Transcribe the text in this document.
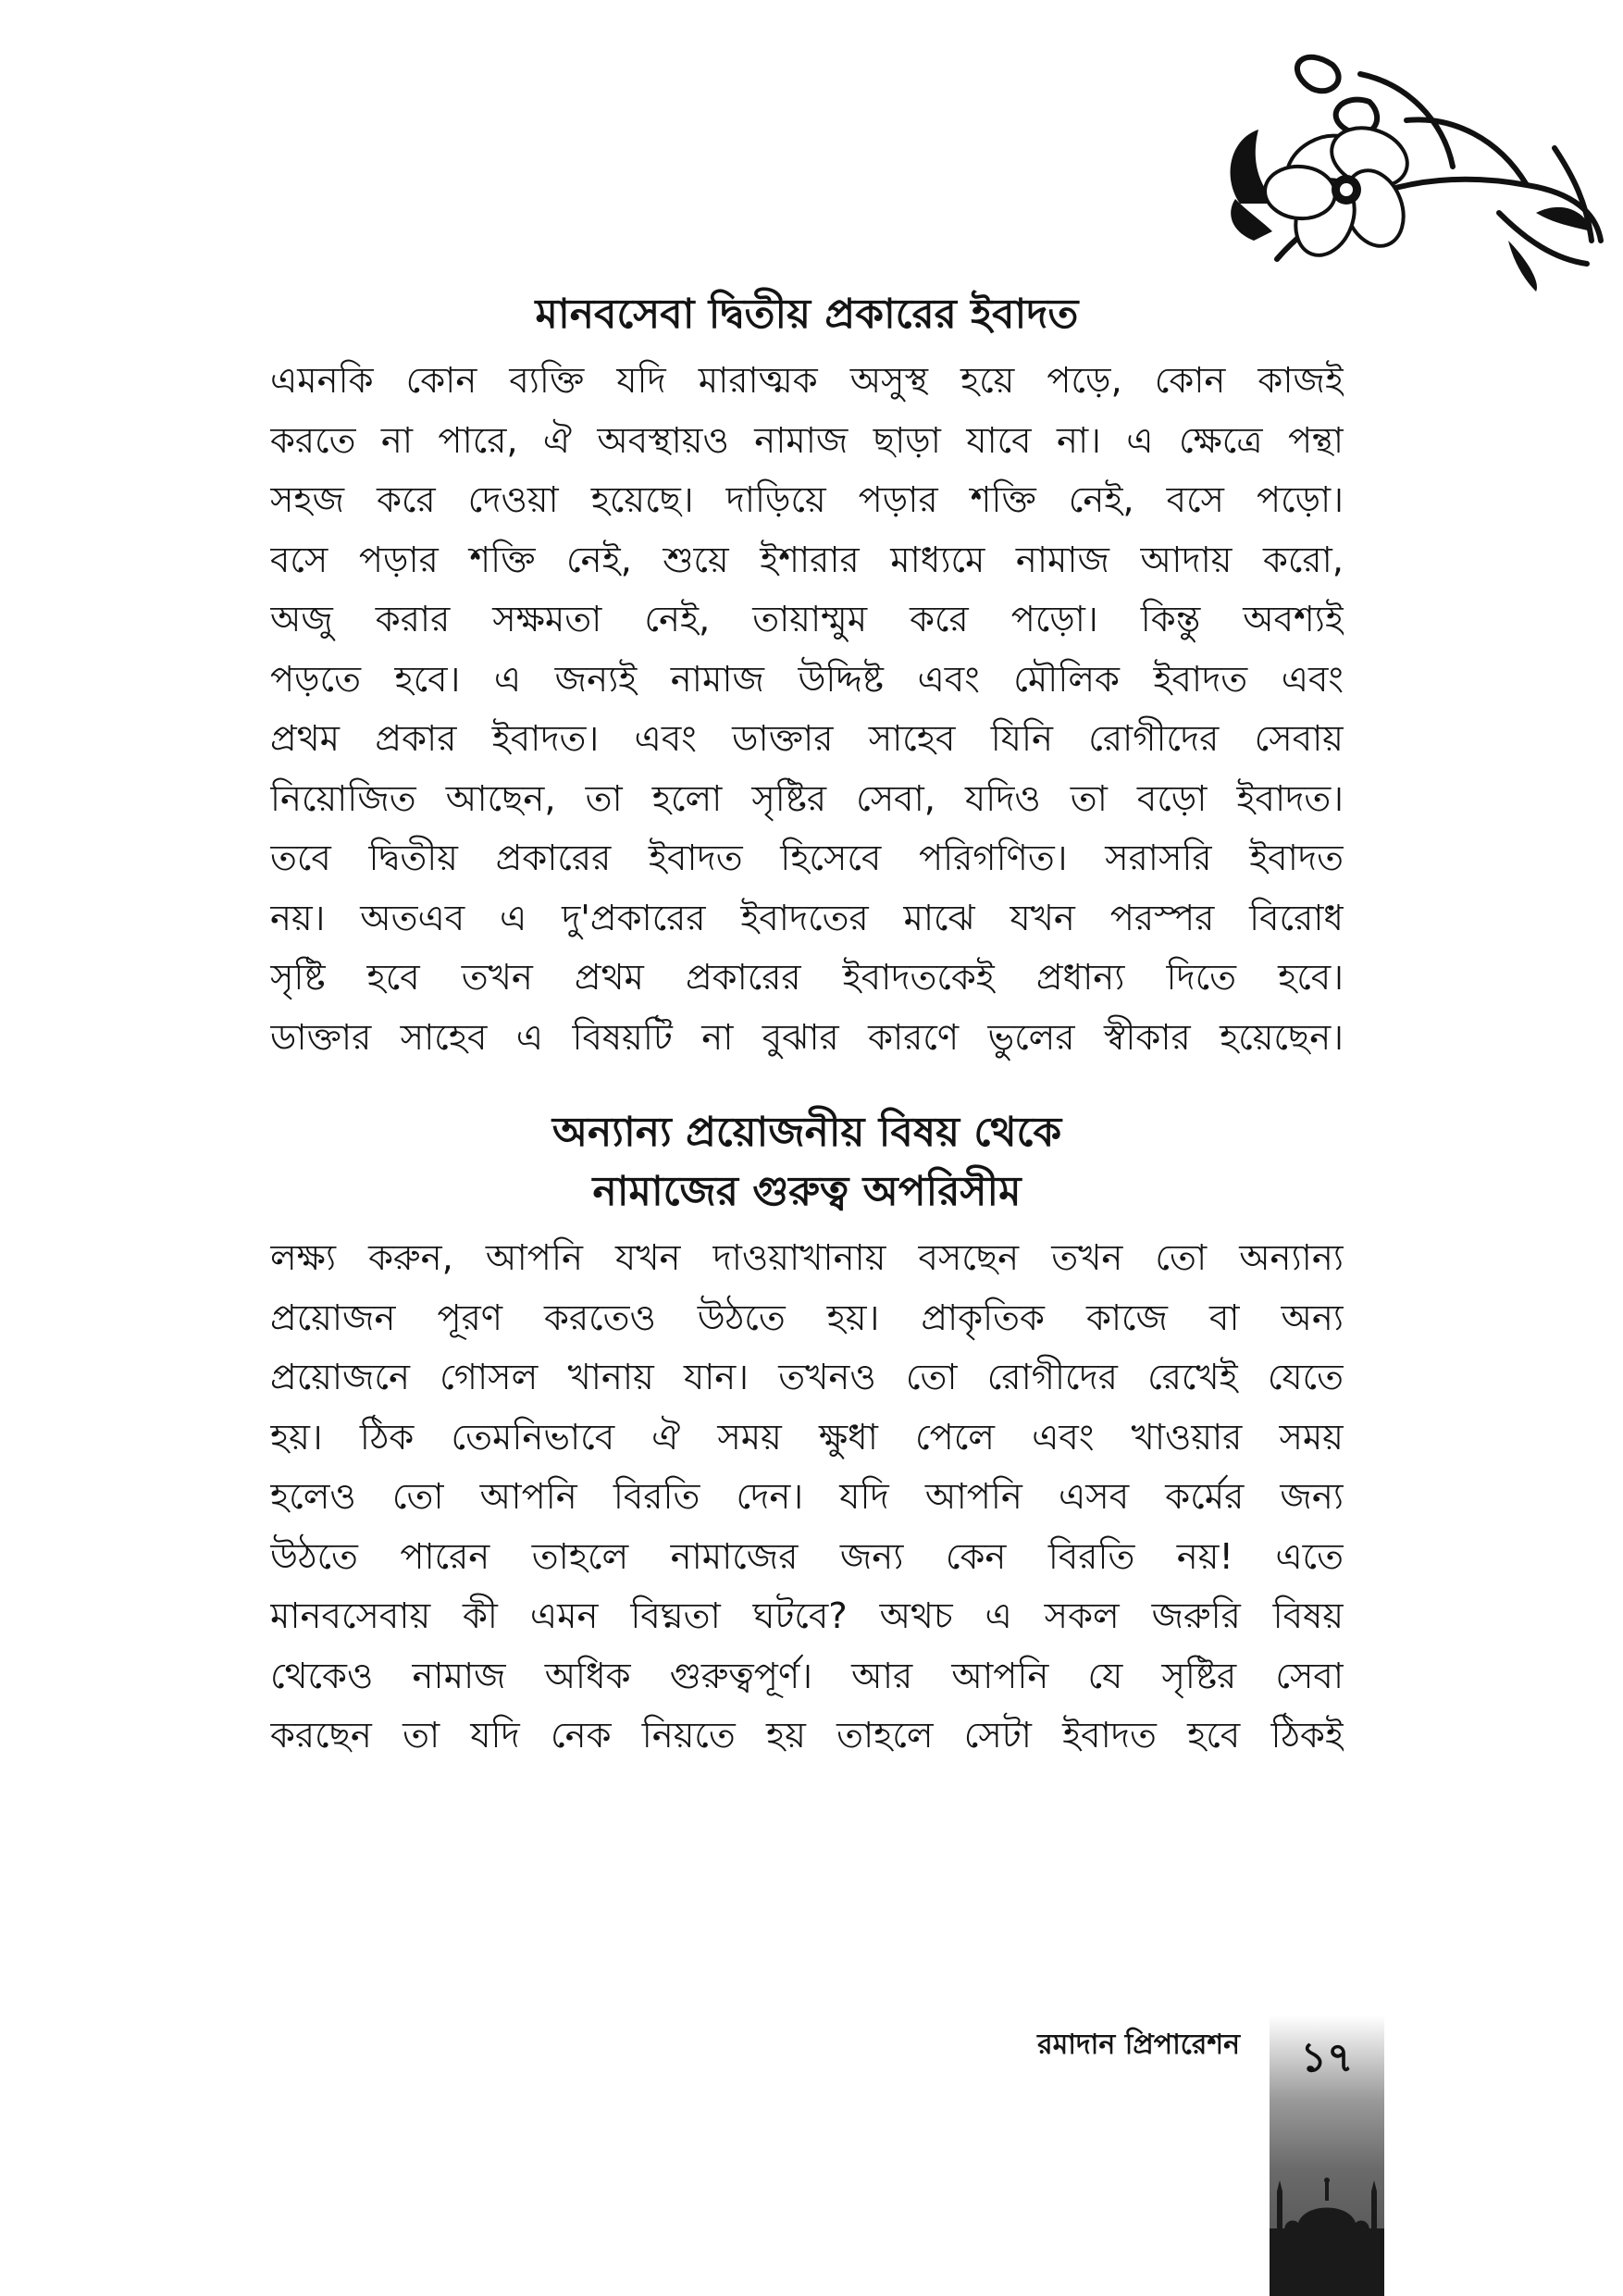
মানবসেবা দ্বিতীয় প্রকারের ইবাদত
এমনকি কোন ব্যক্তি যদি মারাত্মক অসুস্থ হয়ে পড়ে, কোন কাজই
করতে না পারে, ঐ অবস্থায়ও নামাজ ছাড়া যাবে না। এ ক্ষেত্রে পন্থা
সহজ করে দেওয়া হয়েছে। দাড়িয়ে পড়ার শক্তি নেই, বসে পড়ো।
বসে পড়ার শক্তি নেই, শুয়ে ইশারার মাধ্যমে নামাজ আদায় করো,
অজু করার সক্ষমতা নেই, তায়াম্মুম করে পড়ো। কিন্তু অবশ্যই
পড়তে হবে। এ জন্যই নামাজ উদ্দিষ্ট এবং মৌলিক ইবাদত এবং
প্রথম প্রকার ইবাদত। এবং ডাক্তার সাহেব যিনি রোগীদের সেবায়
নিয়োজিত আছেন, তা হলো সৃষ্টির সেবা, যদিও তা বড়ো ইবাদত।
তবে দ্বিতীয় প্রকারের ইবাদত হিসেবে পরিগণিত। সরাসরি ইবাদত
নয়। অতএব এ দু'প্রকারের ইবাদতের মাঝে যখন পরস্পর বিরোধ
সৃষ্টি হবে তখন প্রথম প্রকারের ইবাদতকেই প্রধান্য দিতে হবে।
ডাক্তার সাহেব এ বিষয়টি না বুঝার কারণে ভুলের স্বীকার হয়েছেন।
অন্যান্য প্রয়োজনীয় বিষয় থেকে
নামাজের গুরুত্ব অপরিসীম
লক্ষ্য করুন, আপনি যখন দাওয়াখানায় বসছেন তখন তো অন্যান্য
প্রয়োজন পূরণ করতেও উঠতে হয়। প্রাকৃতিক কাজে বা অন্য
প্রয়োজনে গোসল খানায় যান। তখনও তো রোগীদের রেখেই যেতে
হয়। ঠিক তেমনিভাবে ঐ সময় ক্ষুধা পেলে এবং খাওয়ার সময়
হলেও তো আপনি বিরতি দেন। যদি আপনি এসব কর্মের জন্য
উঠতে পারেন তাহলে নামাজের জন্য কেন বিরতি নয়! এতে
মানবসেবায় কী এমন বিঘ্নতা ঘটবে? অথচ এ সকল জরুরি বিষয়
থেকেও নামাজ অধিক গুরুত্বপূর্ণ। আর আপনি যে সৃষ্টির সেবা
করছেন তা যদি নেক নিয়তে হয় তাহলে সেটা ইবাদত হবে ঠিকই
রমাদান প্রিপারেশন	১৭
